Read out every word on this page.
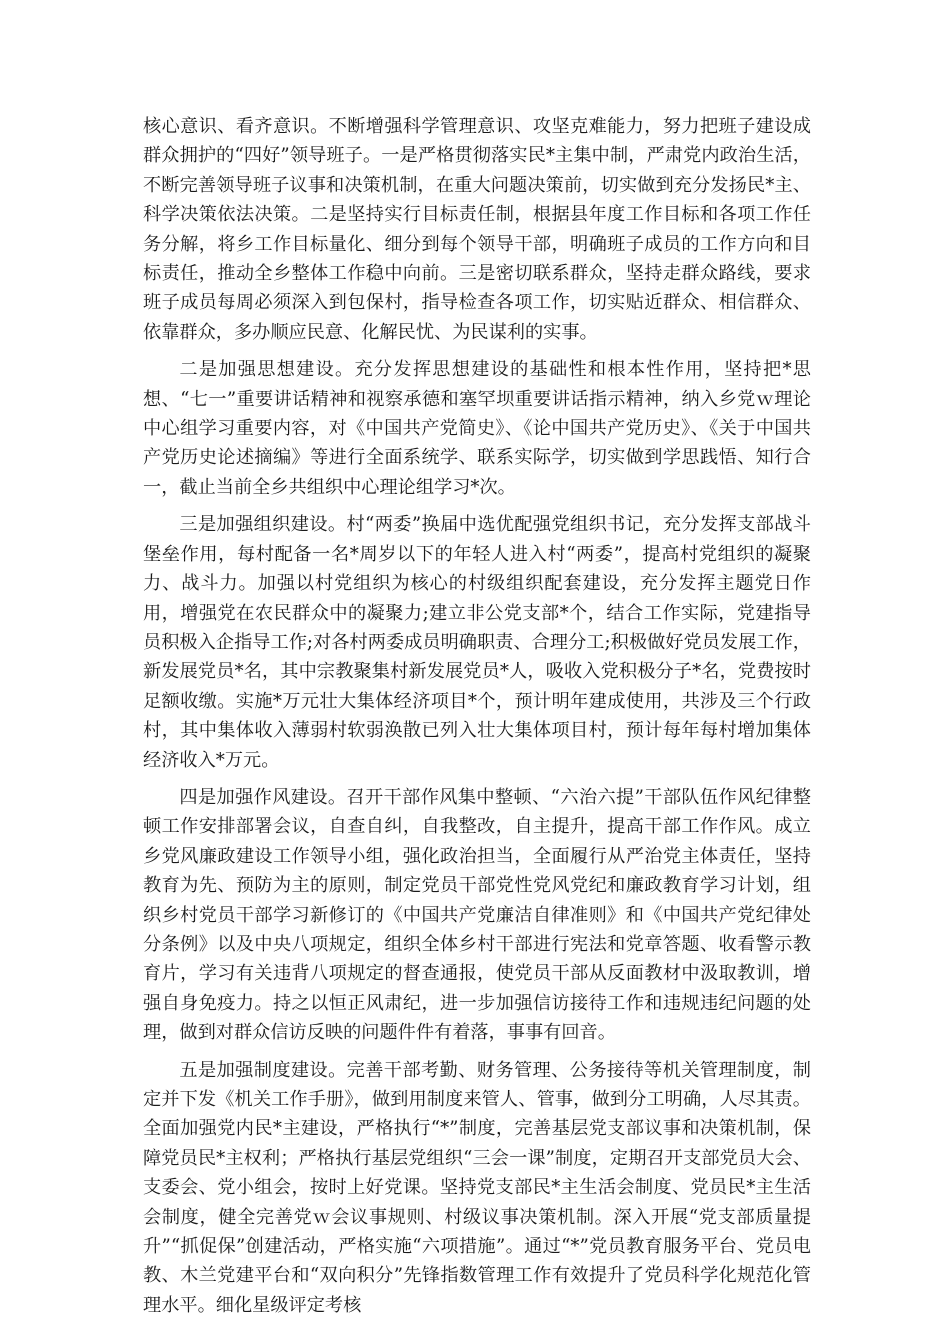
核心意识、看齐意识。不断增强科学管理意识、攻坚克难能力，努力把班子建设成群众拥护的“四好”领导班子。一是严格贯彻落实民*主集中制，严肃党内政治生活，不断完善领导班子议事和决策机制，在重大问题决策前，切实做到充分发扬民*主、科学决策依法决策。二是坚持实行目标责任制，根据县年度工作目标和各项工作任务分解，将乡工作目标量化、细分到每个领导干部，明确班子成员的工作方向和目标责任，推动全乡整体工作稳中向前。三是密切联系群众，坚持走群众路线，要求班子成员每周必须深入到包保村，指导检查各项工作，切实贴近群众、相信群众、依靠群众，多办顺应民意、化解民忧、为民谋利的实事。

二是加强思想建设。充分发挥思想建设的基础性和根本性作用，坚持把*思想、“七一”重要讲话精神和视察承德和塞罕坝重要讲话指示精神，纳入乡党ｗ理论中心组学习重要内容，对《中国共产党简史》、《论中国共产党历史》、《关于中国共产党历史论述摘编》等进行全面系统学、联系实际学，切实做到学思践悟、知行合一，截止当前全乡共组织中心理论组学习*次。

三是加强组织建设。村“两委”换届中选优配强党组织书记，充分发挥支部战斗堡垒作用，每村配备一名*周岁以下的年轻人进入村“两委”，提高村党组织的凝聚力、战斗力。加强以村党组织为核心的村级组织配套建设，充分发挥主题党日作用，增强党在农民群众中的凝聚力;建立非公党支部*个，结合工作实际，党建指导员积极入企指导工作;对各村两委成员明确职责、合理分工;积极做好党员发展工作，新发展党员*名，其中宗教聚集村新发展党员*人，吸收入党积极分子*名，党费按时足额收缴。实施*万元壮大集体经济项目*个，预计明年建成使用，共涉及三个行政村，其中集体收入薄弱村软弱涣散已列入壮大集体项目村，预计每年每村增加集体经济收入*万元。

四是加强作风建设。召开干部作风集中整顿、“六治六提”干部队伍作风纪律整顿工作安排部署会议，自查自纠，自我整改，自主提升，提高干部工作作风。成立乡党风廉政建设工作领导小组，强化政治担当，全面履行从严治党主体责任，坚持教育为先、预防为主的原则，制定党员干部党性党风党纪和廉政教育学习计划，组织乡村党员干部学习新修订的《中国共产党廉洁自律准则》和《中国共产党纪律处分条例》以及中央八项规定，组织全体乡村干部进行宪法和党章答题、收看警示教育片，学习有关违背八项规定的督查通报，使党员干部从反面教材中汲取教训，增强自身免疫力。持之以恒正风肃纪，进一步加强信访接待工作和违规违纪问题的处理，做到对群众信访反映的问题件件有着落，事事有回音。

五是加强制度建设。完善干部考勤、财务管理、公务接待等机关管理制度，制定并下发《机关工作手册》，做到用制度来管人、管事，做到分工明确，人尽其责。全面加强党内民*主建设，严格执行“*”制度，完善基层党支部议事和决策机制，保障党员民*主权利；严格执行基层党组织“三会一课”制度，定期召开支部党员大会、支委会、党小组会，按时上好党课。坚持党支部民*主生活会制度、党员民*主生活会制度，健全完善党ｗ会议事规则、村级议事决策机制。深入开展“党支部质量提升”“抓促保”创建活动，严格实施“六项措施”。通过“*”党员教育服务平台、党员电教、木兰党建平台和“双向积分”先锋指数管理工作有效提升了党员科学化规范化管理水平。细化星级评定考核
